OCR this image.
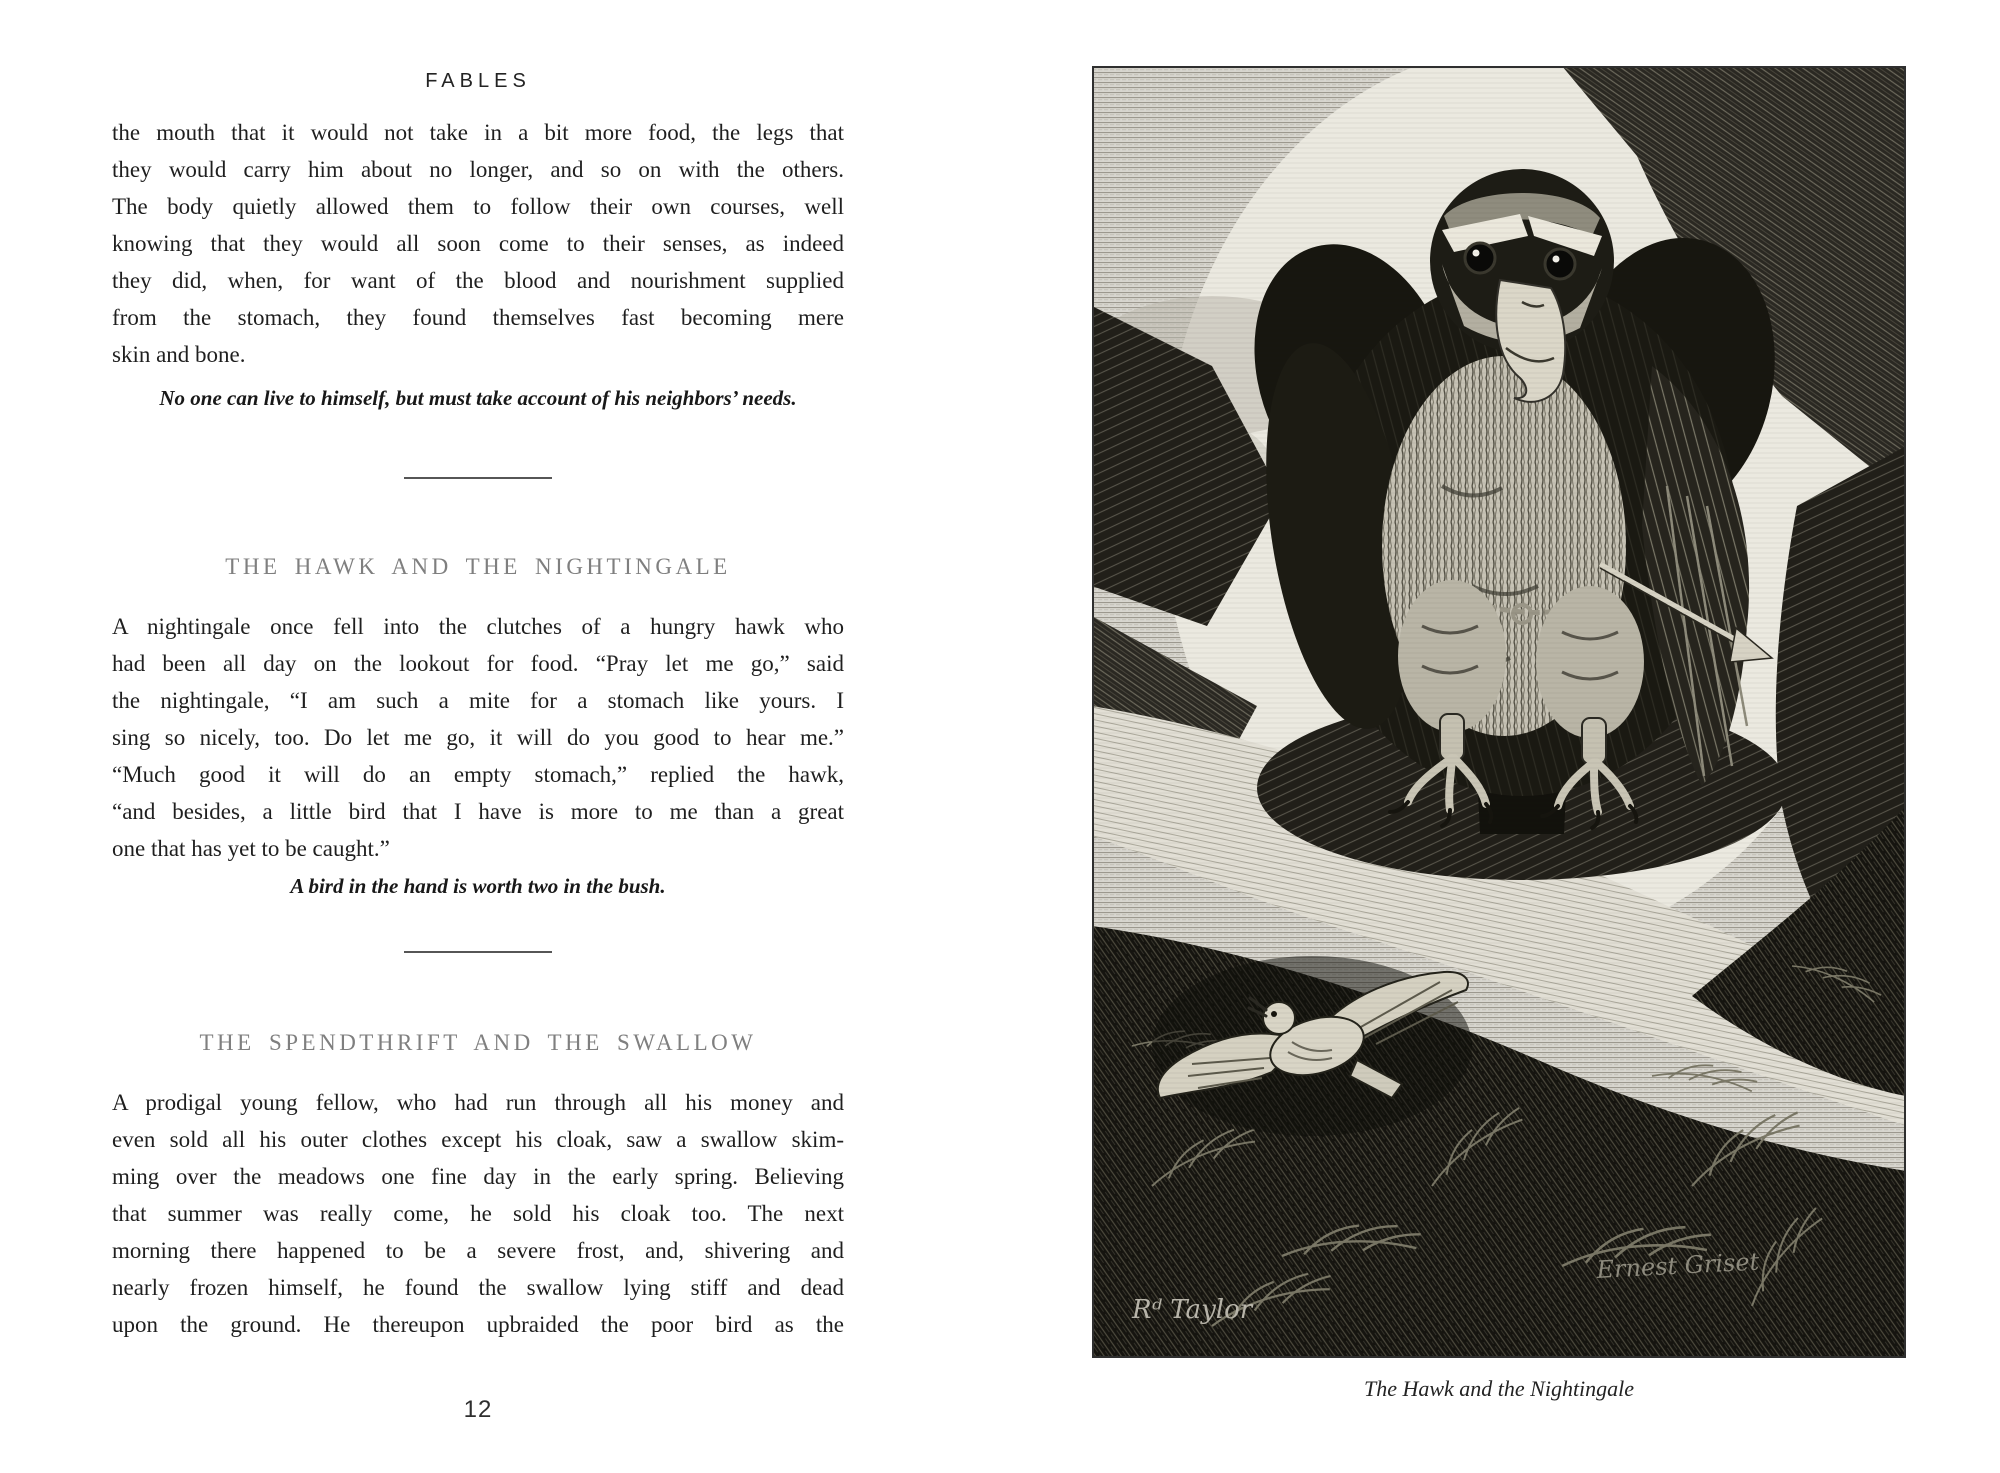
FABLES
the mouth that it would not take in a bit more food, the legs that
they would carry him about no longer, and so on with the others.
The body quietly allowed them to follow their own courses, well
knowing that they would all soon come to their senses, as indeed
they did, when, for want of the blood and nourishment supplied
from the stomach, they found themselves fast becoming mere
skin and bone.
No one can live to himself, but must take account of his neighbors’ needs.
THE HAWK AND THE NIGHTINGALE
A nightingale once fell into the clutches of a hungry hawk who
had been all day on the lookout for food. “Pray let me go,” said
the nightingale, “I am such a mite for a stomach like yours. I
sing so nicely, too. Do let me go, it will do you good to hear me.”
“Much good it will do an empty stomach,” replied the hawk,
“and besides, a little bird that I have is more to me than a great
one that has yet to be caught.”
A bird in the hand is worth two in the bush.
THE SPENDTHRIFT AND THE SWALLOW
A prodigal young fellow, who had run through all his money and
even sold all his outer clothes except his cloak, saw a swallow skim-
ming over the meadows one fine day in the early spring. Believing
that summer was really come, he sold his cloak too. The next
morning there happened to be a severe frost, and, shivering and
nearly frozen himself, he found the swallow lying stiff and dead
upon the ground. He thereupon upbraided the poor bird as the
12
Rᵈ Taylor
Ernest Griset
The Hawk and the Nightingale
